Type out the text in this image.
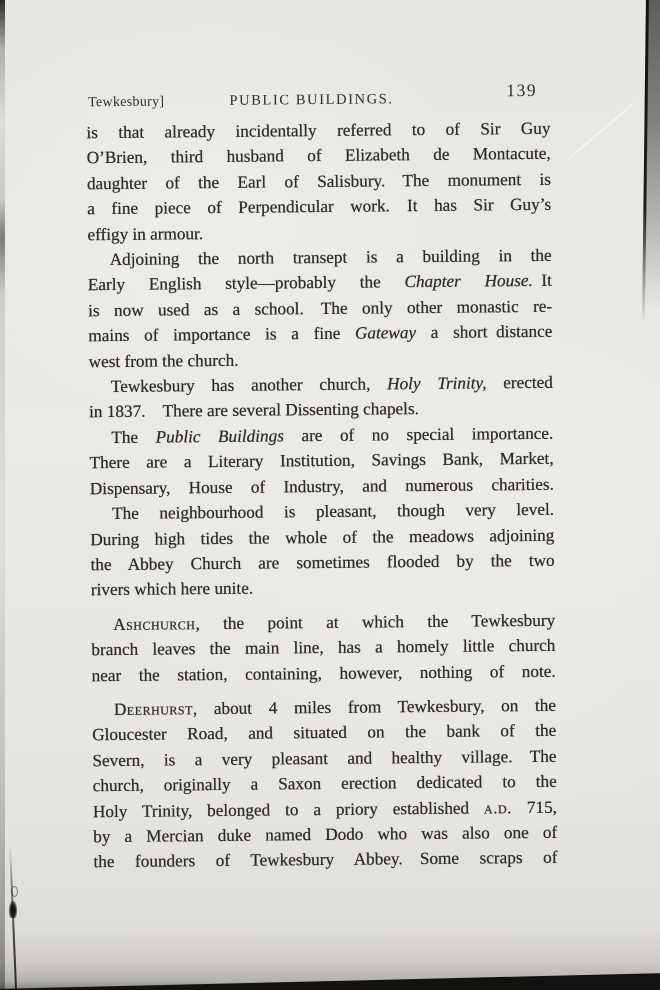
Tewkesbury]	PUBLIC BUILDINGS.	139
is that already incidentally referred to of Sir Guy
O’Brien, third husband of Elizabeth de Montacute,
daughter of the Earl of Salisbury.  The monument is
a fine piece of Perpendicular work.  It has Sir Guy’s
effigy in armour.
Adjoining the north transept is a building in the
Early English style—probably the Chapter House. It
is now used as a school.  The only other monastic re-
mains of importance is a fine Gateway a short distance
west from the church.
Tewkesbury has another church, Holy Trinity, erected
in 1837.  There are several Dissenting chapels.
The Public Buildings are of no special importance.
There are a Literary Institution, Savings Bank, Market,
Dispensary, House of Industry, and numerous charities.
The neighbourhood is pleasant, though very level.
During high tides the whole of the meadows adjoining
the Abbey Church are sometimes flooded by the two
rivers which here unite.
Ashchurch, the point at which the Tewkesbury
branch leaves the main line, has a homely little church
near the station, containing, however, nothing of note.
Deerhurst, about 4 miles from Tewkesbury, on the
Gloucester Road, and situated on the bank of the
Severn, is a very pleasant and healthy village.  The
church, originally a Saxon erection dedicated to the
Holy Trinity, belonged to a priory established a.d. 715,
by a Mercian duke named Dodo who was also one of
the founders of Tewkesbury Abbey.  Some scraps of
